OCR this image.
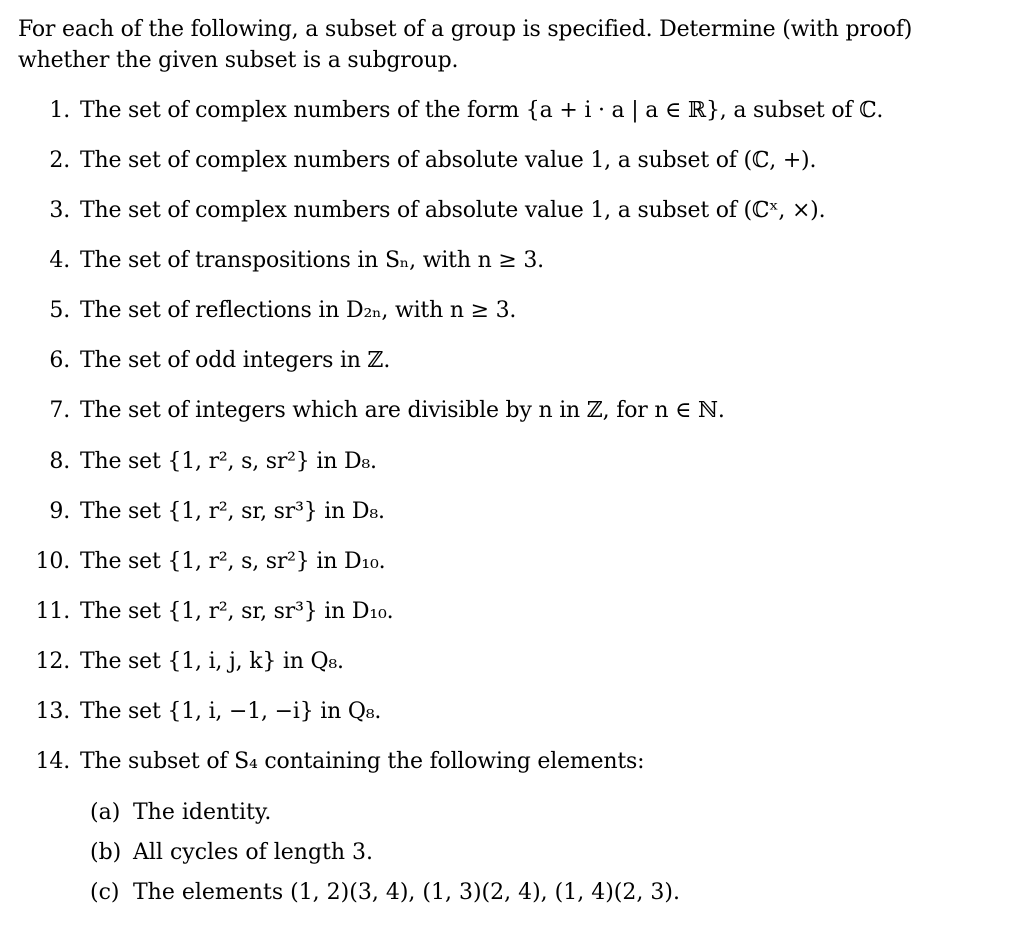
For each of the following, a subset of a group is specified. Determine (with proof) whether the given subset is a subgroup.

1. The set of complex numbers of the form {a + i · a | a ∈ ℝ}, a subset of ℂ.
2. The set of complex numbers of absolute value 1, a subset of (ℂ, +).
3. The set of complex numbers of absolute value 1, a subset of (ℂˣ, ×).
4. The set of transpositions in Sₙ, with n ≥ 3.
5. The set of reflections in D₂ₙ, with n ≥ 3.
6. The set of odd integers in ℤ.
7. The set of integers which are divisible by n in ℤ, for n ∈ ℕ.
8. The set {1, r², s, sr²} in D₈.
9. The set {1, r², sr, sr³} in D₈.
10. The set {1, r², s, sr²} in D₁₀.
11. The set {1, r², sr, sr³} in D₁₀.
12. The set {1, i, j, k} in Q₈.
13. The set {1, i, −1, −i} in Q₈.
14. The subset of S₄ containing the following elements:
(a) The identity.
(b) All cycles of length 3.
(c) The elements (1, 2)(3, 4), (1, 3)(2, 4), (1, 4)(2, 3).
